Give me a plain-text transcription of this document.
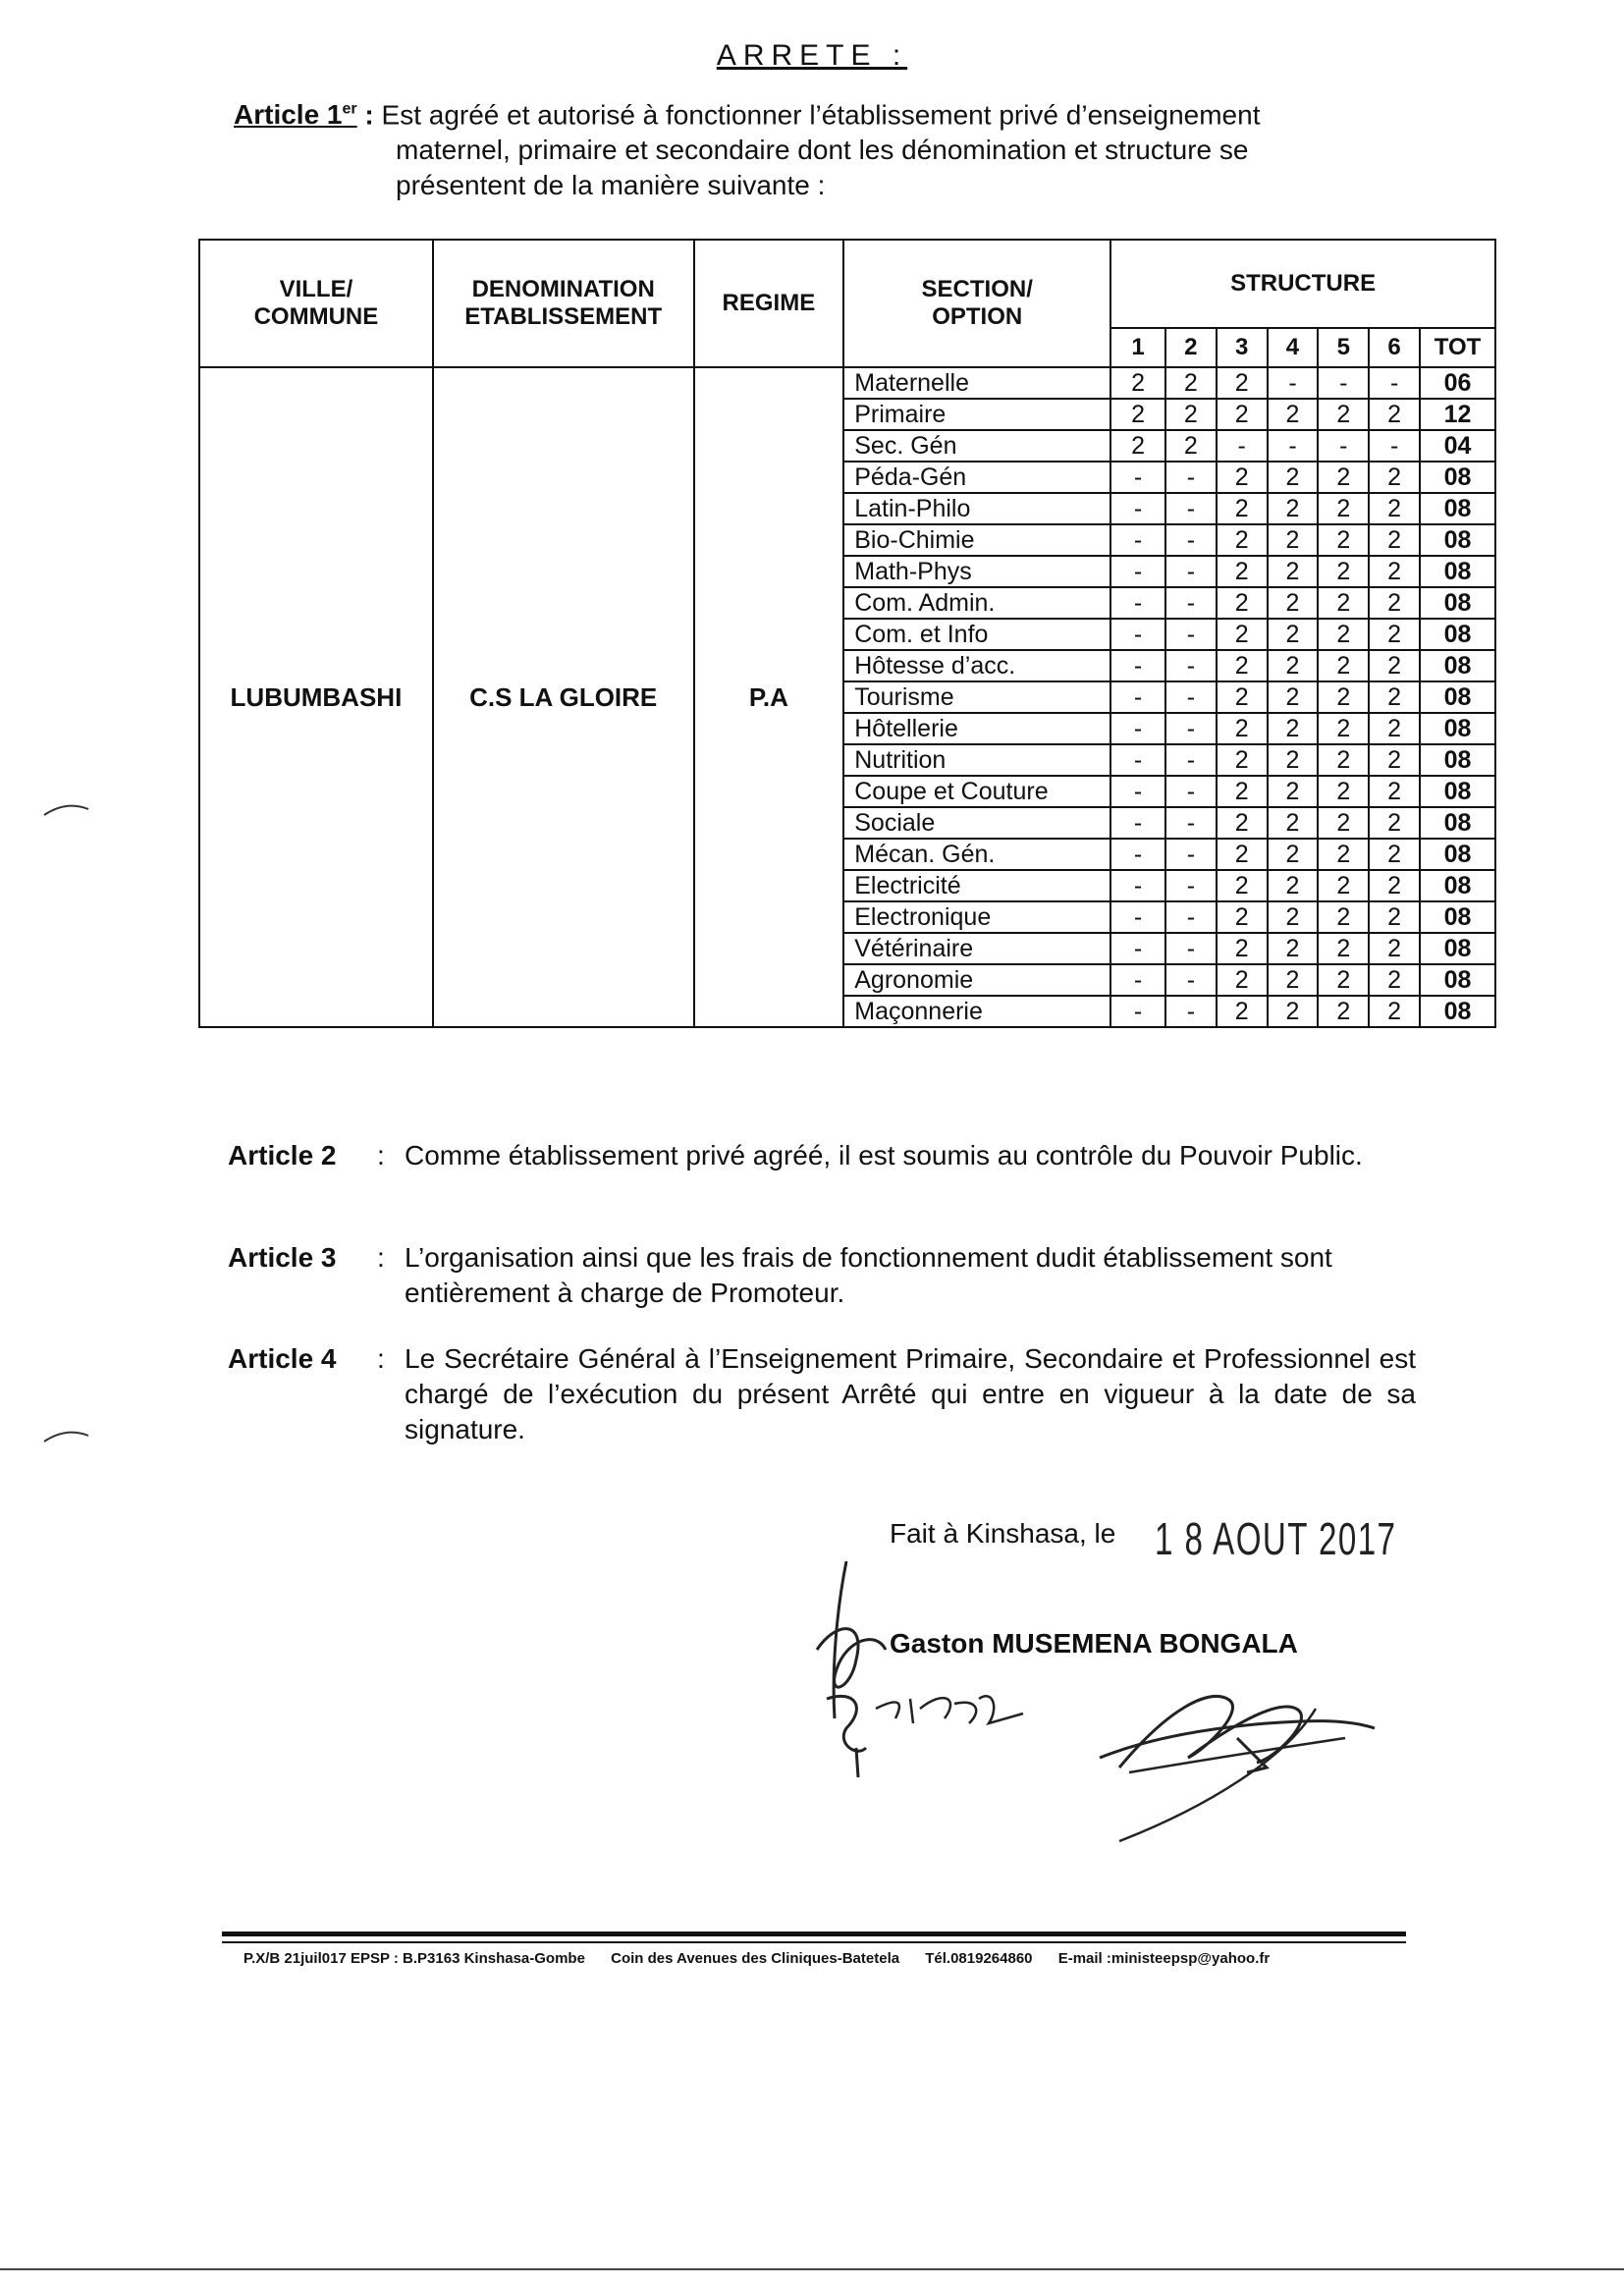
ARRETE :
Article 1er : Est agréé et autorisé à fonctionner l’établissement privé d’enseignement
maternel, primaire et secondaire dont les dénomination et structure se
présentent de la manière suivante :
VILLE/ COMMUNE	DENOMINATION ETABLISSEMENT	REGIME	SECTION/ OPTION	STRUCTURE						
				1	2	3	4	5	6	TOT
LUBUMBASHI	C.S LA GLOIRE	P.A	Maternelle	2	2	2	-	-	-	06
			Primaire	2	2	2	2	2	2	12
			Sec. Gén	2	2	-	-	-	-	04
			Péda-Gén	-	-	2	2	2	2	08
			Latin-Philo	-	-	2	2	2	2	08
			Bio-Chimie	-	-	2	2	2	2	08
			Math-Phys	-	-	2	2	2	2	08
			Com. Admin.	-	-	2	2	2	2	08
			Com. et Info	-	-	2	2	2	2	08
			Hôtesse d’acc.	-	-	2	2	2	2	08
			Tourisme	-	-	2	2	2	2	08
			Hôtellerie	-	-	2	2	2	2	08
			Nutrition	-	-	2	2	2	2	08
			Coupe et Couture	-	-	2	2	2	2	08
			Sociale	-	-	2	2	2	2	08
			Mécan. Gén.	-	-	2	2	2	2	08
			Electricité	-	-	2	2	2	2	08
			Electronique	-	-	2	2	2	2	08
			Vétérinaire	-	-	2	2	2	2	08
			Agronomie	-	-	2	2	2	2	08
			Maçonnerie	-	-	2	2	2	2	08
Article 2	: Comme établissement privé agréé, il est soumis au contrôle du Pouvoir Public.
Article 3	: L’organisation ainsi que les frais de fonctionnement dudit établissement sont entièrement à charge de Promoteur.
Article 4	: Le Secrétaire Général à l’Enseignement Primaire, Secondaire et Professionnel est chargé de l’exécution du présent Arrêté qui entre en vigueur à la date de sa signature.
Fait à Kinshasa, le 1 8 AOUT 2017
Gaston MUSEMENA BONGALA
P.X/B 21juil017 EPSP : B.P3163 Kinshasa-Gombe Coin des Avenues des Cliniques-Batetela Tél.0819264860 E-mail :ministeepsp@yahoo.fr
